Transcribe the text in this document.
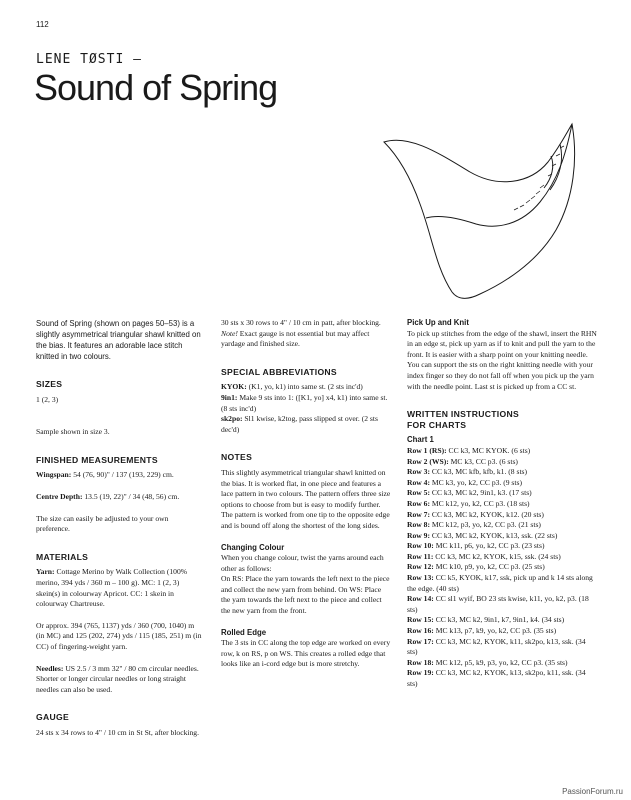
112
LENE TØSTI –
Sound of Spring

Sound of Spring (shown on pages 50–53) is a slightly asymmetrical triangular shawl knitted on the bias. It features an adorable lace stitch knitted in two colours.

SIZES

1 (2, 3)

Sample shown in size 3.

FINISHED MEASUREMENTS

Wingspan: 54 (76, 90)" / 137 (193, 229) cm.

Centre Depth: 13.5 (19, 22)" / 34 (48, 56) cm.

The size can easily be adjusted to your own preference.

MATERIALS

Yarn: Cottage Merino by Walk Collection (100% merino, 394 yds / 360 m – 100 g). MC: 1 (2, 3) skein(s) in colourway Apricot. CC: 1 skein in colourway Chartreuse.

Or approx. 394 (765, 1137) yds / 360 (700, 1040) m (in MC) and 125 (202, 274) yds / 115 (185, 251) m (in CC) of fingering-weight yarn.

Needles: US 2.5 / 3 mm 32" / 80 cm circular needles. Shorter or longer circular needles or long straight needles can also be used.

GAUGE

24 sts x 34 rows to 4" / 10 cm in St St, after blocking.

30 sts x 30 rows to 4" / 10 cm in patt, after blocking.

Note! Exact gauge is not essential but may affect yardage and finished size.

SPECIAL ABBREVIATIONS

KYOK: (K1, yo, k1) into same st. (2 sts inc'd)

9in1: Make 9 sts into 1: ([K1, yo] x4, k1) into same st. (8 sts inc'd)

sk2po: Sl1 kwise, k2tog, pass slipped st over. (2 sts dec'd)

NOTES

This slightly asymmetrical triangular shawl knitted on the bias. It is worked flat, in one piece and features a lace pattern in two colours. The pattern offers three size options to choose from but is easy to modify further. The pattern is worked from one tip to the opposite edge and is bound off along the shortest of the long sides.

Changing Colour

When you change colour, twist the yarns around each other as follows:

On RS: Place the yarn towards the left next to the piece and collect the new yarn from behind. On WS: Place the yarn towards the left next to the piece and collect the new yarn from the front.

Rolled Edge

The 3 sts in CC along the top edge are worked on every row, k on RS, p on WS. This creates a rolled edge that looks like an i-cord edge but is more stretchy.

Pick Up and Knit

To pick up stitches from the edge of the shawl, insert the RHN in an edge st, pick up yarn as if to knit and pull the yarn to the front. It is easier with a sharp point on your knitting needle. You can support the sts on the right knitting needle with your index finger so they do not fall off when you pick up the yarn with the needle point. Last st is picked up from a CC st.

WRITTEN INSTRUCTIONS
FOR CHARTS
Chart 1

Row 1 (RS): CC k3, MC KYOK. (6 sts)

Row 2 (WS): MC k3, CC p3. (6 sts)

Row 3: CC k3, MC kfb, kfb, k1. (8 sts)

Row 4: MC k3, yo, k2, CC p3. (9 sts)

Row 5: CC k3, MC k2, 9in1, k3. (17 sts)

Row 6: MC k12, yo, k2, CC p3. (18 sts)

Row 7: CC k3, MC k2, KYOK, k12. (20 sts)

Row 8: MC k12, p3, yo, k2, CC p3. (21 sts)

Row 9: CC k3, MC k2, KYOK, k13, ssk. (22 sts)

Row 10: MC k11, p6, yo, k2, CC p3. (23 sts)

Row 11: CC k3, MC k2, KYOK, k15, ssk. (24 sts)

Row 12: MC k10, p9, yo, k2, CC p3. (25 sts)

Row 13: CC k5, KYOK, k17, ssk, pick up and k 14 sts along the edge. (40 sts)

Row 14: CC sl1 wyif, BO 23 sts kwise, k11, yo, k2, p3. (18 sts)

Row 15: CC k3, MC k2, 9in1, k7, 9in1, k4. (34 sts)

Row 16: MC k13, p7, k9, yo, k2, CC p3. (35 sts)

Row 17: CC k3, MC k2, KYOK, k11, sk2po, k13, ssk. (34 sts)

Row 18: MC k12, p5, k9, p3, yo, k2, CC p3. (35 sts)

Row 19: CC k3, MC k2, KYOK, k13, sk2po, k11, ssk. (34 sts)

PassionForum.ru
